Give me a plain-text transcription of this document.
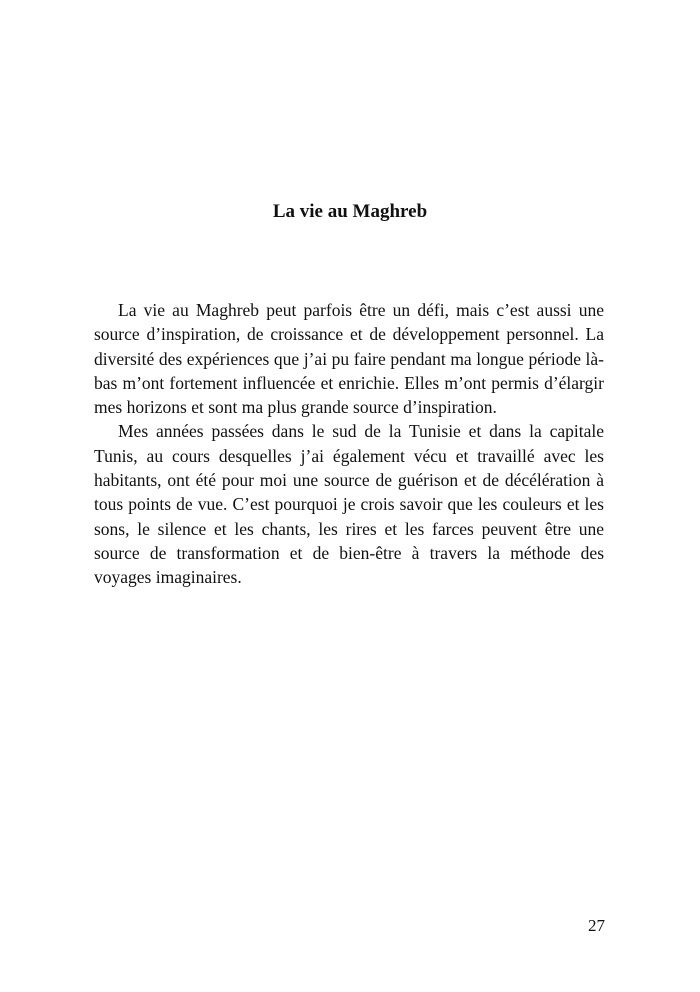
La vie au Maghreb

La vie au Maghreb peut parfois être un défi, mais c’est aussi une source d’inspiration, de croissance et de développement personnel. La diversité des expériences que j’ai pu faire pendant ma longue période là-bas m’ont fortement influencée et enrichie. Elles m’ont permis d’élargir mes horizons et sont ma plus grande source d’inspiration.

Mes années passées dans le sud de la Tunisie et dans la capitale Tunis, au cours desquelles j’ai également vécu et travaillé avec les habitants, ont été pour moi une source de guérison et de décélération à tous points de vue. C’est pourquoi je crois savoir que les couleurs et les sons, le silence et les chants, les rires et les farces peuvent être une source de transformation et de bien-être à travers la méthode des voyages imaginaires.

27
